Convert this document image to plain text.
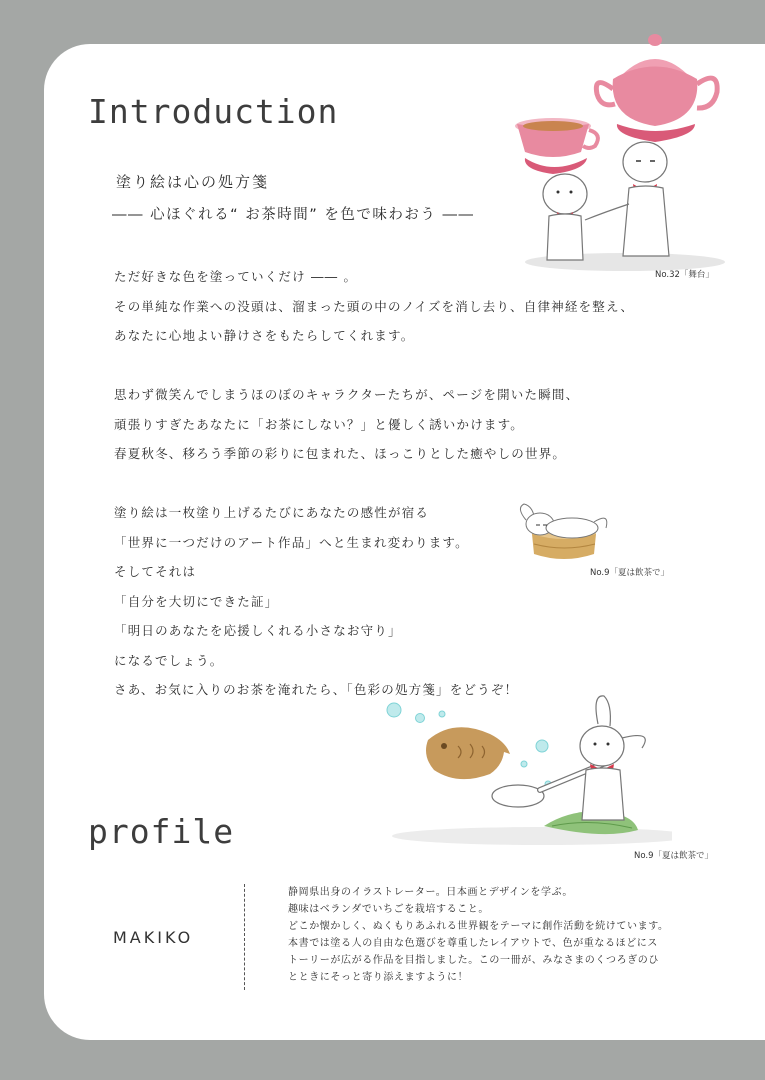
Introduction
塗り絵は心の処方箋
―― 心ほぐれる“ お茶時間” を色で味わおう ――
ただ好きな色を塗っていくだけ ―― 。
その単純な作業への没頭は、溜まった頭の中のノイズを消し去り、自律神経を整え、
あなたに心地よい静けさをもたらしてくれます。
思わず微笑んでしまうほのぼのキャラクターたちが、ページを開いた瞬間、
頑張りすぎたあなたに「お茶にしない？」と優しく誘いかけます。
春夏秋冬、移ろう季節の彩りに包まれた、ほっこりとした癒やしの世界。
塗り絵は一枚塗り上げるたびにあなたの感性が宿る
「世界に一つだけのアート作品」へと生まれ変わります。
そしてそれは
「自分を大切にできた証」
「明日のあなたを応援しくれる小さなお守り」
になるでしょう。
さあ、お気に入りのお茶を淹れたら、「色彩の処方箋」をどうぞ！
No.32「舞台」
No.9「夏は飲茶で」
No.9「夏は飲茶で」
profile
MAKIKO
静岡県出身のイラストレーター。日本画とデザインを学ぶ。
趣味はベランダでいちごを栽培すること。
どこか懐かしく、ぬくもりあふれる世界観をテーマに創作活動を続けています。
本書では塗る人の自由な色選びを尊重したレイアウトで、色が重なるほどにス
トーリーが広がる作品を目指しました。この一冊が、みなさまのくつろぎのひ
とときにそっと寄り添えますように！
